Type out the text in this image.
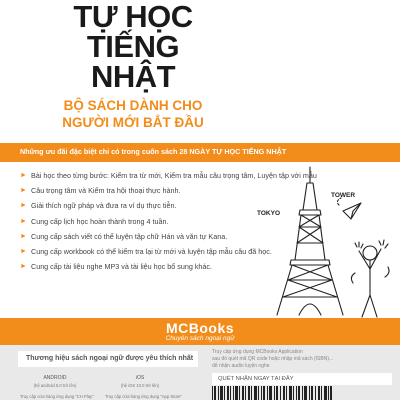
TỰ HỌC
TIẾNG
NHẬT
BỘ SÁCH DÀNH CHO
NGƯỜI MỚI BẮT ĐẦU
Những ưu đãi đặc biệt chỉ có trong cuốn sách 28 NGÀY TỰ HỌC TIẾNG NHẬT
► Bài học theo từng bước: Kiểm tra từ mới, Kiểm tra mẫu câu trọng tâm, Luyện tập với mẫu
► Câu trọng tâm và Kiểm tra hội thoại thực hành.
► Giải thích ngữ pháp và đưa ra ví dụ thực tiễn.
► Cung cấp lịch học hoàn thành trong 4 tuần.
► Cung cấp sách viết có thể luyện tập chữ Hán và văn tự Kana.
► Cung cấp workbook có thể kiểm tra lại từ mới và luyện tập mẫu câu đã học.
► Cung cấp tài liệu nghe MP3 và tài liệu học bổ sung khác.
TOKYO
TOWER
MCBooks
Chuyên sách ngoại ngữ
Thương hiệu sách ngoại ngữ được yêu thích nhất
ANDROID
(hệ android 5.0 trở lên)
Truy cập cửa hàng ứng dụng "CH Play"
iOS
(hệ iOS 10.0 trở lên)
Truy cập cửa hàng ứng dụng "App Store"
Truy cập ứng dụng MCBooks Application
sau đó quét mã QR code hoặc nhập mã sách (ISBN)...
để nhận audio luyện nghe
QUÉT NHẬN NGAY TẠI ĐÂY
